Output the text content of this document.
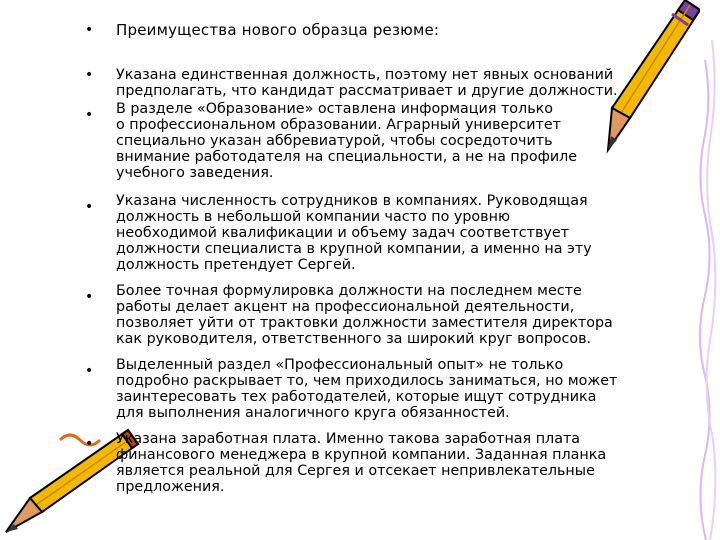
• Преимущества нового образца резюме:
• Указана единственная должность, поэтому нет явных оснований
предполагать, что кандидат рассматривает и другие должности.
• В разделе «Образование» оставлена информация только
о профессиональном образовании. Аграрный университет
специально указан аббревиатурой, чтобы сосредоточить
внимание работодателя на специальности, а не на профиле
учебного заведения.
• Указана численность сотрудников в компаниях. Руководящая
должность в небольшой компании часто по уровню
необходимой квалификации и объему задач соответствует
должности специалиста в крупной компании, а именно на эту
должность претендует Сергей.
• Более точная формулировка должности на последнем месте
работы делает акцент на профессиональной деятельности,
позволяет уйти от трактовки должности заместителя директора
как руководителя, ответственного за широкий круг вопросов.
• Выделенный раздел «Профессиональный опыт» не только
подробно раскрывает то, чем приходилось заниматься, но может
заинтересовать тех работодателей, которые ищут сотрудника
для выполнения аналогичного круга обязанностей.
• Указана заработная плата. Именно такова заработная плата
финансового менеджера в крупной компании. Заданная планка
является реальной для Сергея и отсекает непривлекательные
предложения.
